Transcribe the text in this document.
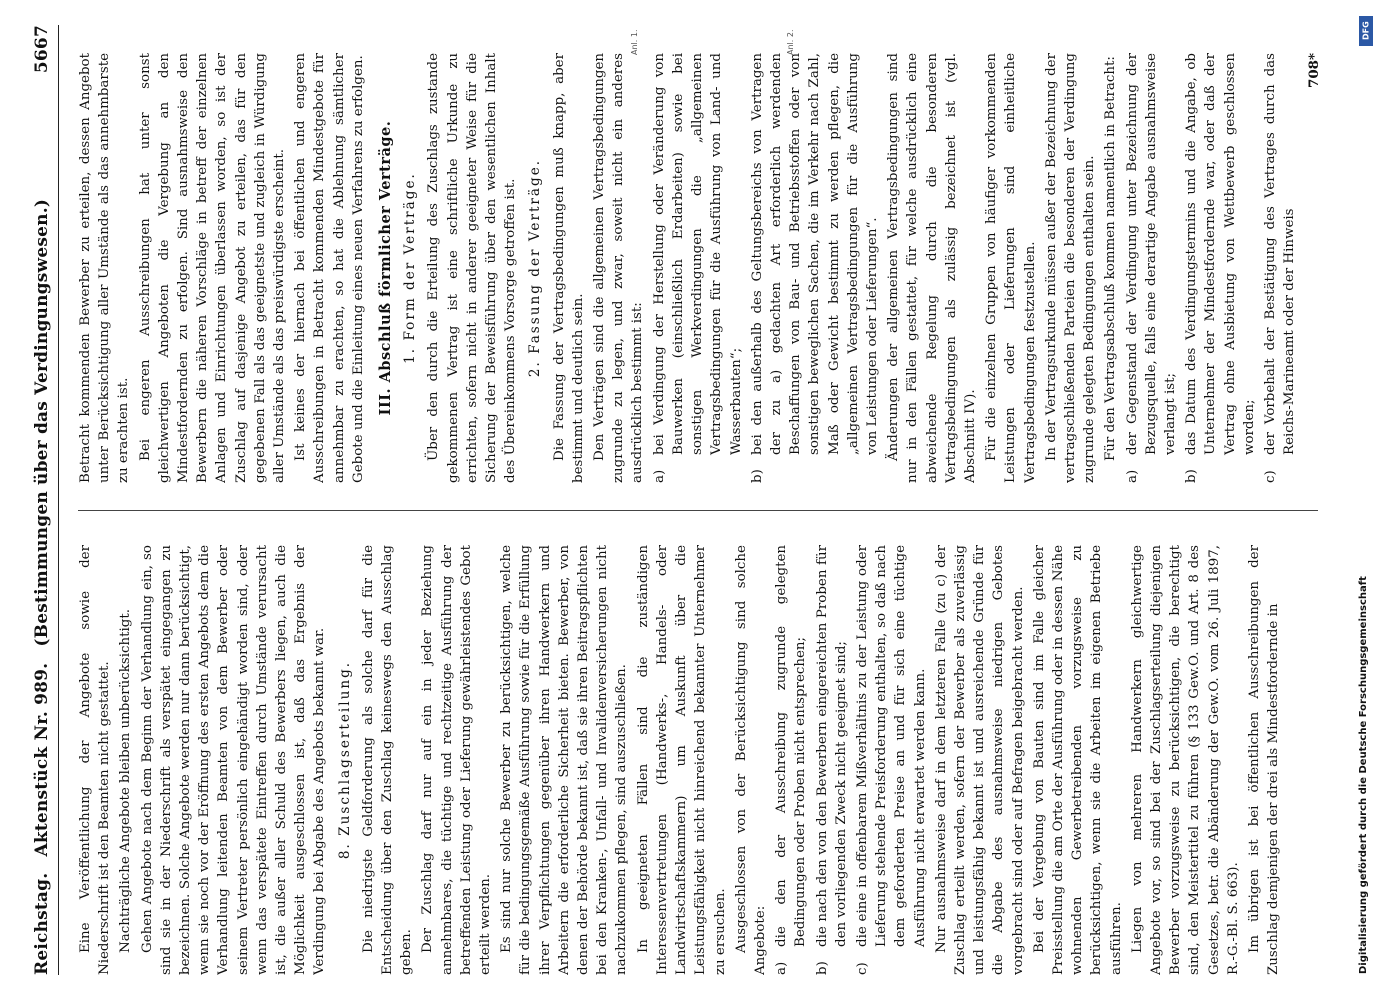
Reichstag. Aktenstück Nr. 989. (Bestimmungen über das Verdingungswesen.)
5667

Eine Veröffentlichung der Angebote sowie der Niederschrift ist den Beamten nicht gestattet. Nachträgliche Angebote bleiben unberücksichtigt. Gehen Angebote nach dem Beginn der Verhandlung ein, so sind sie in der Niederschrift als verspätet eingegangen zu bezeichnen. Solche Angebote werden nur dann berücksichtigt, wenn sie noch vor der Eröffnung des ersten Angebots dem die Verhandlung leitenden Beamten von dem Bewerber oder seinem Vertreter persönlich eingehändigt worden sind, oder wenn das verspätete Eintreffen durch Umstände verursacht ist, die außer aller Schuld des Bewerbers liegen, auch die Möglichkeit ausgeschlossen ist, daß das Ergebnis der Verdingung bei Abgabe des Angebots bekannt war. 8. Zuschlagserteilung. Die niedrigste Geldforderung als solche darf für die Entscheidung über den Zuschlag keineswegs den Ausschlag geben. Der Zuschlag darf nur auf ein in jeder Beziehung annehmbares, die tüchtige und rechtzeitige Ausführung der betreffenden Leistung oder Lieferung gewährleistendes Gebot erteilt werden. Es sind nur solche Bewerber zu berücksichtigen, welche für die bedingungsgemäße Ausführung sowie für die Erfüllung ihrer Verpflichtungen gegenüber ihren Handwerkern und Arbeitern die erforderliche Sicherheit bieten. Bewerber, von denen der Behörde bekannt ist, daß sie ihren Beitragspflichten bei den Kranken-, Unfall- und Invalidenversicherungen nicht nachzukommen pflegen, sind auszuschließen. In geeigneten Fällen sind die zuständigen Interessenvertretungen (Handwerks-, Handels- oder Landwirtschaftskammern) um Auskunft über die Leistungsfähigkeit nicht hinreichend bekannter Unternehmer zu ersuchen. Ausgeschlossen von der Berücksichtigung sind solche Angebote: a)
die den der Ausschreibung zugrunde gelegten Bedingungen oder Proben nicht entsprechen;

b)
die nach den von den Bewerbern eingereichten Proben für den vorliegenden Zweck nicht geeignet sind;

c)
die eine in offenbarem Mißverhältnis zu der Leistung oder Lieferung stehende Preisforderung enthalten, so daß nach dem geforderten Preise an und für sich eine tüchtige Ausführung nicht erwartet werden kann. Nur ausnahmsweise darf in dem letzteren Falle (zu c) der Zuschlag erteilt werden, sofern der Bewerber als zuverlässig und leistungsfähig bekannt ist und ausreichende Gründe für die Abgabe des ausnahmsweise niedrigen Gebotes vorgebracht sind oder auf Befragen beigebracht werden. Bei der Vergebung von Bauten sind im Falle gleicher Preisstellung die am Orte der Ausführung oder in dessen Nähe wohnenden Gewerbetreibenden vorzugsweise zu berücksichtigen, wenn sie die Arbeiten im eigenen Betriebe ausführen. Liegen von mehreren Handwerkern gleichwertige Angebote vor, so sind bei der Zuschlagserteilung diejenigen Bewerber vorzugsweise zu berücksichtigen, die berechtigt sind, den Meistertitel zu führen (§ 133 Gew.O. und Art. 8 des Gesetzes, betr. die Abänderung der Gew.O. vom 26. Juli 1897, R.-G.-Bl. S. 663). Im übrigen ist bei öffentlichen Ausschreibungen der Zuschlag demjenigen der drei als Mindestfordernde in

Betracht kommenden Bewerber zu erteilen, dessen Angebot unter Berücksichtigung aller Umstände als das annehmbarste zu erachten ist. Bei engeren Ausschreibungen hat unter sonst gleichwertigen Angeboten die Vergebung an den Mindestfordernden zu erfolgen. Sind ausnahmsweise den Bewerbern die näheren Vorschläge in betreff der einzelnen Anlagen und Einrichtungen überlassen worden, so ist der Zuschlag auf dasjenige Angebot zu erteilen, das für den gegebenen Fall als das geeignetste und zugleich in Würdigung aller Umstände als das preiswürdigste erscheint. Ist keines der hiernach bei öffentlichen und engeren Ausschreibungen in Betracht kommenden Mindestgebote für annehmbar zu erachten, so hat die Ablehnung sämtlicher Gebote und die Einleitung eines neuen Verfahrens zu erfolgen. III. Abschluß förmlicher Verträge. 1. Form der Verträge. Über den durch die Erteilung des Zuschlags zustande gekommenen Vertrag ist eine schriftliche Urkunde zu errichten, sofern nicht in anderer geeigneter Weise für die Sicherung der Beweisführung über den wesentlichen Inhalt des Übereinkommens Vorsorge getroffen ist. 2. Fassung der Verträge. Die Fassung der Vertragsbedingungen muß knapp, aber bestimmt und deutlich sein. Den Verträgen sind die allgemeinen Vertragsbedingungen zugrunde zu legen, und zwar, soweit nicht ein anderes ausdrücklich bestimmt ist: a)
bei Verdingung der Herstellung oder Veränderung von Bauwerken (einschließlich Erdarbeiten) sowie bei sonstigen Werkverdingungen die „allgemeinen Vertragsbedingungen für die Ausführung von Land- und Wasserbauten“;

b)
bei den außerhalb des Geltungsbereichs von Vertragen der zu a) gedachten Art erforderlich werdenden Beschaffungen von Bau- und Betriebsstoffen oder von sonstigen beweglichen Sachen, die im Verkehr nach Zahl, Maß oder Gewicht bestimmt zu werden pflegen, die „allgemeinen Vertragsbedingungen für die Ausführung von Leistungen oder Lieferungen“. Änderungen der allgemeinen Vertragsbedingungen sind nur in den Fällen gestattet, für welche ausdrücklich eine abweichende Regelung durch die besonderen Vertragsbedingungen als zulässig bezeichnet ist (vgl. Abschnitt IV). Für die einzelnen Gruppen von häufiger vorkommenden Leistungen oder Lieferungen sind einheitliche Vertragsbedingungen festzustellen. In der Vertragsurkunde müssen außer der Bezeichnung der vertragschließenden Parteien die besonderen der Verdingung zugrunde gelegten Bedingungen enthalten sein. Für den Vertragsabschluß kommen namentlich in Betracht:

a)
der Gegenstand der Verdingung unter Bezeichnung der Bezugsquelle, falls eine derartige Angabe ausnahmsweise verlangt ist;

b)
das Datum des Verdingungstermins und die Angabe, ob Unternehmer der Mindestfordernde war, oder daß der Vertrag ohne Ausbietung von Wettbewerb geschlossen worden;

c)
der Vorbehalt der Bestätigung des Vertrages durch das Reichs-Marineamt oder der Hinweis

708*
Anl. 1.	Anl. 2.	DFG
Digitalisierung gefördert durch die Deutsche Forschungsgemeinschaft
